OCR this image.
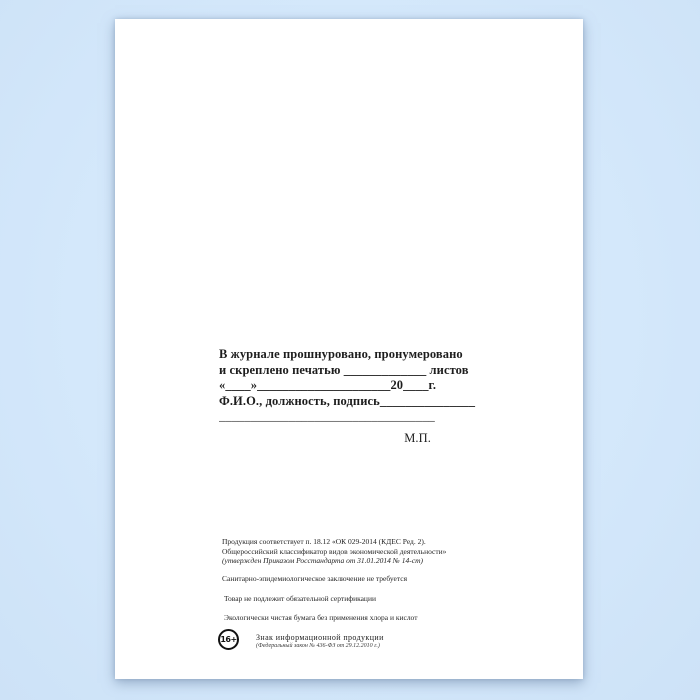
В журнале прошнуровано, пронумеровано
и скреплено печатью _____________ листов
«____»_____________________20____г.
Ф.И.О., должность, подпись_______________
__________________________________
М.П.
Продукция соответствует п. 18.12 «ОК 029-2014 (КДЕС Ред. 2).
Общероссийский классификатор видов экономической деятельности»
(утвержден Приказом Росстандарта от 31.01.2014 № 14-ст)
Санитарно-эпидемиологическое заключение не требуется
Товар не подлежит обязательной сертификации
Экологически чистая бумага без применения хлора и кислот
16+ Знак информационной продукции
(Федеральный закон № 436-ФЗ от 29.12.2010 г.)
